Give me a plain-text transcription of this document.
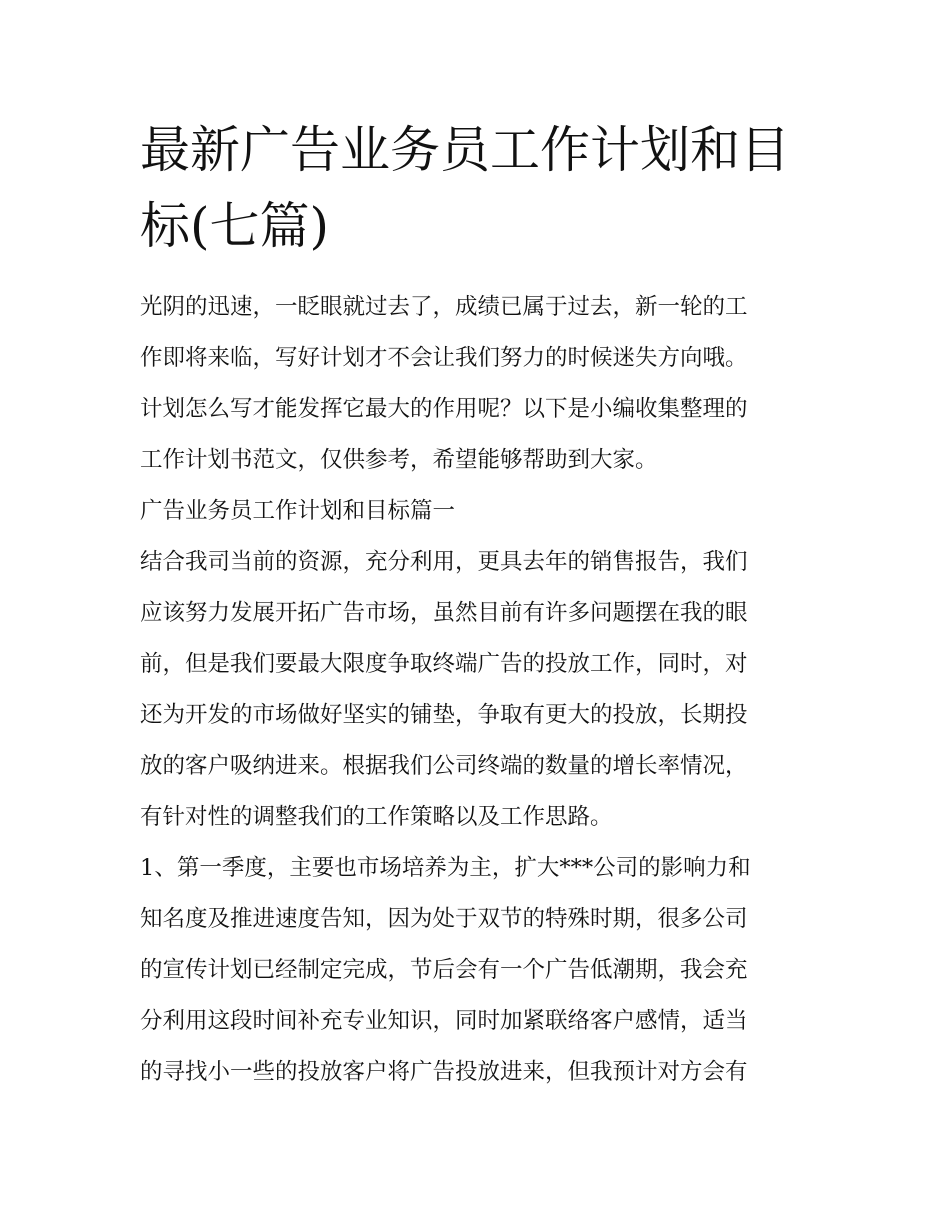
最新广告业务员工作计划和目
标(七篇)

光阴的迅速，一眨眼就过去了，成绩已属于过去，新一轮的工
作即将来临，写好计划才不会让我们努力的时候迷失方向哦。
计划怎么写才能发挥它最大的作用呢？以下是小编收集整理的
工作计划书范文，仅供参考，希望能够帮助到大家。

广告业务员工作计划和目标篇一

结合我司当前的资源，充分利用，更具去年的销售报告，我们
应该努力发展开拓广告市场，虽然目前有许多问题摆在我的眼
前，但是我们要最大限度争取终端广告的投放工作，同时，对
还为开发的市场做好坚实的铺垫，争取有更大的投放，长期投
放的客户吸纳进来。根据我们公司终端的数量的增长率情况，
有针对性的调整我们的工作策略以及工作思路。

1、第一季度，主要也市场培养为主，扩大***公司的影响力和
知名度及推进速度告知，因为处于双节的特殊时期，很多公司
的宣传计划已经制定完成，节后会有一个广告低潮期，我会充
分利用这段时间补充专业知识，同时加紧联络客户感情，适当
的寻找小一些的投放客户将广告投放进来，但我预计对方会有
